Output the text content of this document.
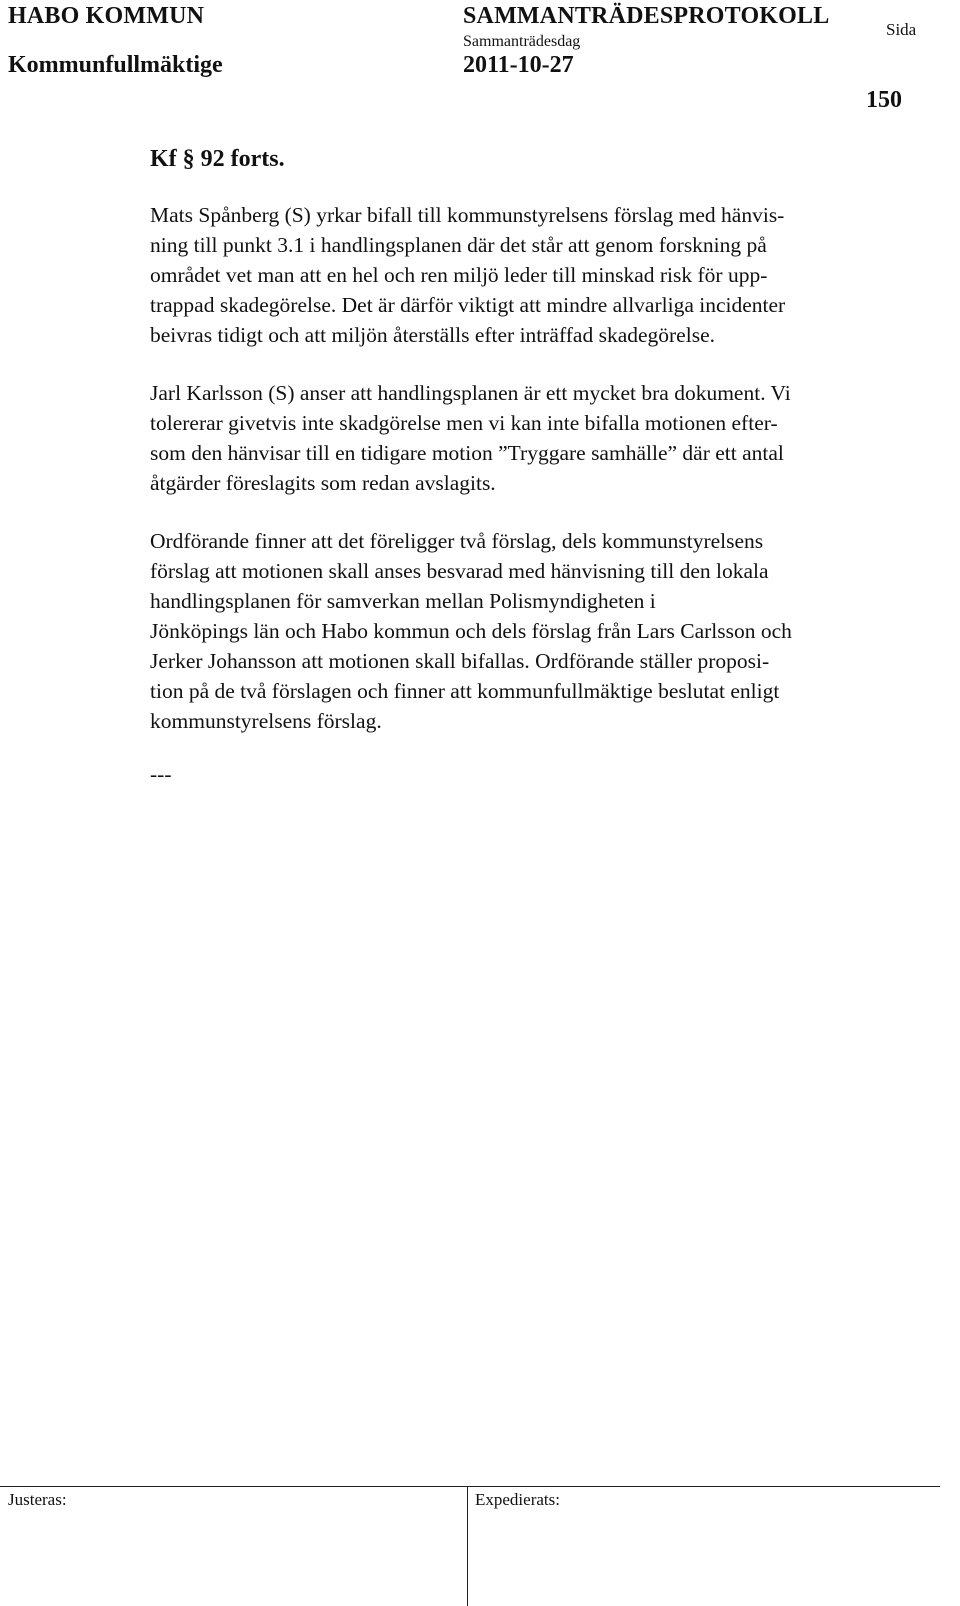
HABO KOMMUN
Kommunfullmäktige
SAMMANTRÄDESPROTOKOLL
Sammanträdesdag
2011-10-27
Sida
150
Kf § 92 forts.

Mats Spånberg (S) yrkar bifall till kommunstyrelsens förslag med hänvis-
ning till punkt 3.1 i handlingsplanen där det står att genom forskning på
området vet man att en hel och ren miljö leder till minskad risk för upp-
trappad skadegörelse. Det är därför viktigt att mindre allvarliga incidenter
beivras tidigt och att miljön återställs efter inträffad skadegörelse.

Jarl Karlsson (S) anser att handlingsplanen är ett mycket bra dokument. Vi
tolererar givetvis inte skadgörelse men vi kan inte bifalla motionen efter-
som den hänvisar till en tidigare motion ”Tryggare samhälle” där ett antal
åtgärder föreslagits som redan avslagits.

Ordförande finner att det föreligger två förslag, dels kommunstyrelsens
förslag att motionen skall anses besvarad med hänvisning till den lokala
handlingsplanen för samverkan mellan Polismyndigheten i
Jönköpings län och Habo kommun och dels förslag från Lars Carlsson och
Jerker Johansson att motionen skall bifallas. Ordförande ställer proposi-
tion på de två förslagen och finner att kommunfullmäktige beslutat enligt
kommunstyrelsens förslag.

---
Justeras:	Expedierats:
